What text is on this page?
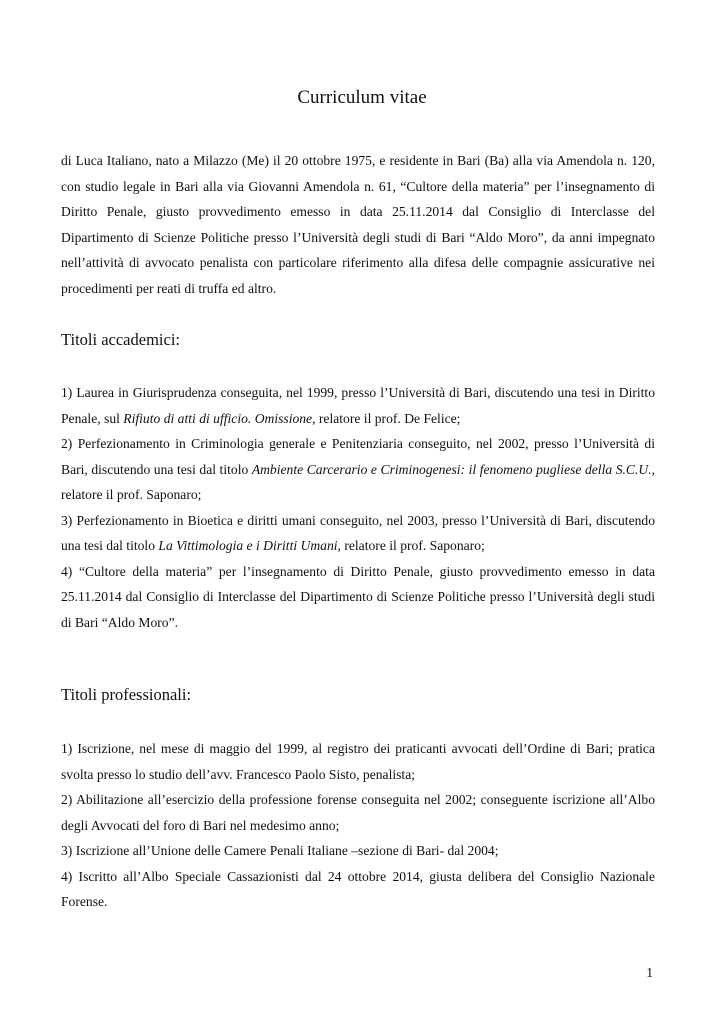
Curriculum vitae

di Luca Italiano, nato a Milazzo (Me) il 20 ottobre 1975, e residente in Bari (Ba) alla via Amendola n. 120, con studio legale in Bari alla via Giovanni Amendola n. 61, “Cultore della materia” per l’insegnamento di Diritto Penale, giusto provvedimento emesso in data 25.11.2014 dal Consiglio di Interclasse del Dipartimento di Scienze Politiche presso l’Università degli studi di Bari “Aldo Moro”, da anni impegnato nell’attività di avvocato penalista con particolare riferimento alla difesa delle compagnie assicurative nei procedimenti per reati di truffa ed altro.

Titoli accademici:

1) Laurea in Giurisprudenza conseguita, nel 1999, presso l’Università di Bari, discutendo una tesi in Diritto Penale, sul Rifiuto di atti di ufficio. Omissione, relatore il prof. De Felice;

2) Perfezionamento in Criminologia generale e Penitenziaria conseguito, nel 2002, presso l’Università di Bari, discutendo una tesi dal titolo Ambiente Carcerario e Criminogenesi: il fenomeno pugliese della S.C.U., relatore il prof. Saponaro;

3) Perfezionamento in Bioetica e diritti umani conseguito, nel 2003, presso l’Università di Bari, discutendo una tesi dal titolo La Vittimologia e i Diritti Umani, relatore il prof. Saponaro;

4) “Cultore della materia” per l’insegnamento di Diritto Penale, giusto provvedimento emesso in data 25.11.2014 dal Consiglio di Interclasse del Dipartimento di Scienze Politiche presso l’Università degli studi di Bari “Aldo Moro”.

Titoli professionali:

1) Iscrizione, nel mese di maggio del 1999, al registro dei praticanti avvocati dell’Ordine di Bari; pratica svolta presso lo studio dell’avv. Francesco Paolo Sisto, penalista;

2) Abilitazione all’esercizio della professione forense conseguita nel 2002; conseguente iscrizione all’Albo degli Avvocati del foro di Bari nel medesimo anno;

3) Iscrizione all’Unione delle Camere Penali Italiane –sezione di Bari- dal 2004;

4) Iscritto all’Albo Speciale Cassazionisti dal 24 ottobre 2014, giusta delibera del Consiglio Nazionale Forense.

1
